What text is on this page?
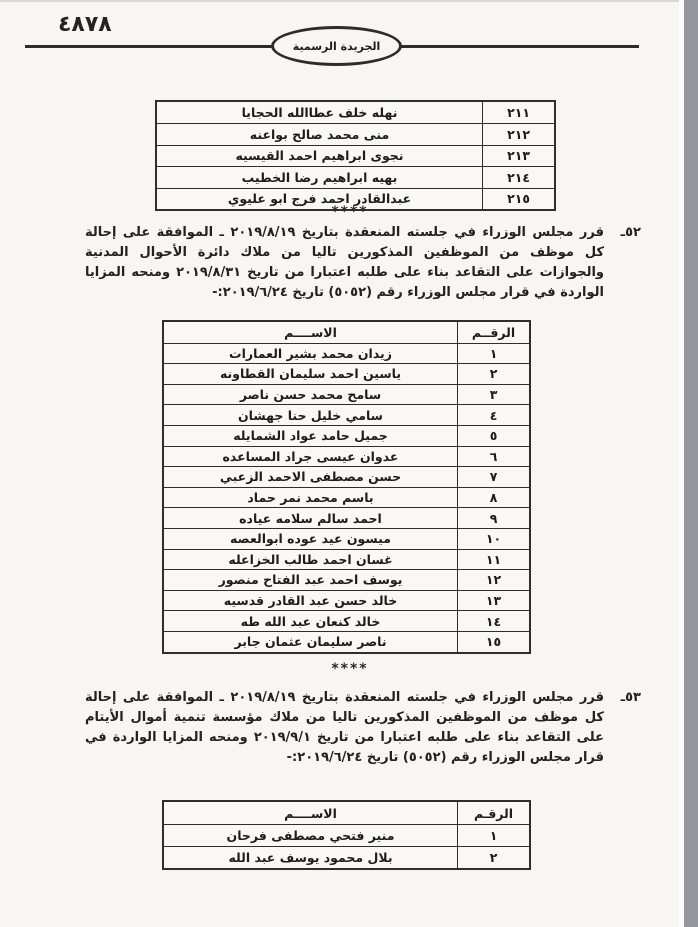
٤٨٧٨
الجريدة الرسمية
٢١١
نهله خلف عطاالله الحجايا
٢١٢
منى محمد صالح بواعنه
٢١٣
نجوى ابراهيم احمد القيسيه
٢١٤
بهيه ابراهيم رضا الخطيب
٢١٥
عبدالقادر احمد فرج ابو عليوي
****
٥٢ـ
قرر مجلس الوزراء في جلسته المنعقدة بتاريخ ٢٠١٩/٨/١٩ ـ الموافقة على إحالة كل موظف من الموظفين المذكورين تاليا من ملاك دائرة الأحوال المدنية والجوازات على التقاعد بناء على طلبه اعتبارا من تاريخ ٢٠١٩/٨/٣١ ومنحه المزايا الواردة في قرار مجلس الوزراء رقم (٥٠٥٢) تاريخ ٢٠١٩/٦/٢٤:-
الرقــم
الاســــم
١
زيدان محمد بشير العمارات
٢
ياسين احمد سليمان القطاونه
٣
سامح محمد حسن ناصر
٤
سامي خليل حنا جهشان
٥
جميل حامد عواد الشمايله
٦
عدوان عيسى جراد المساعده
٧
حسن مصطفى الاحمد الزعبي
٨
باسم محمد نمر حماد
٩
احمد سالم سلامه عياده
١٠
ميسون عيد عوده ابوالعصه
١١
غسان احمد طالب الخزاعله
١٢
يوسف احمد عبد الفتاح منصور
١٣
خالد حسن عبد القادر قدسيه
١٤
خالد كنعان عبد الله طه
١٥
ناصر سليمان عثمان جابر
****
٥٣ـ
قرر مجلس الوزراء في جلسته المنعقدة بتاريخ ٢٠١٩/٨/١٩ ـ الموافقة على إحالة كل موظف من الموظفين المذكورين تاليا من ملاك مؤسسة تنمية أموال الأيتام على التقاعد بناء على طلبه اعتبارا من تاريخ ٢٠١٩/٩/١ ومنحه المزايا الواردة في قرار مجلس الوزراء رقم (٥٠٥٢) تاريخ ٢٠١٩/٦/٢٤:-
الرقـم
الاســــم
١
منير فتحي مصطفى فرحان
٢
بلال محمود يوسف عبد الله
